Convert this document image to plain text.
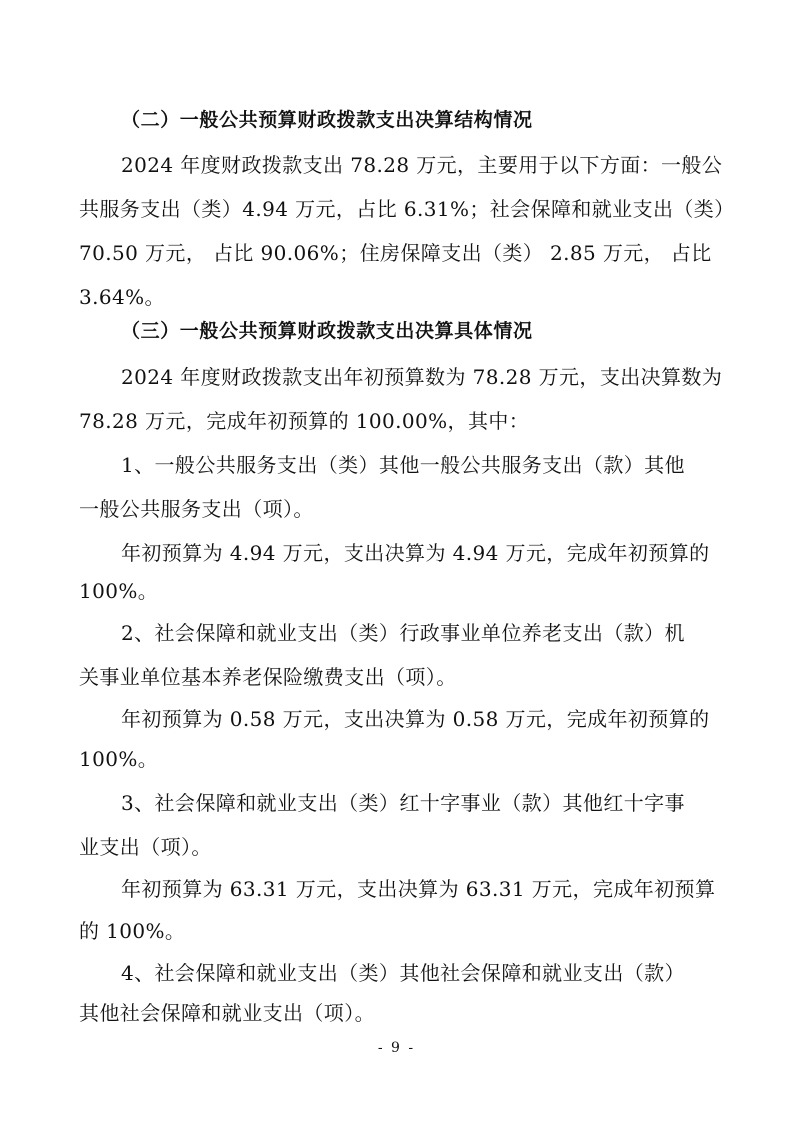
（二）一般公共预算财政拨款支出决算结构情况
2024 年度财政拨款支出 78.28 万元，主要用于以下方面：一般公
共服务支出（类）4.94 万元，占比 6.31%；社会保障和就业支出（类）
70.50 万元， 占比 90.06%；住房保障支出（类） 2.85 万元， 占比
3.64%。
（三）一般公共预算财政拨款支出决算具体情况
2024 年度财政拨款支出年初预算数为 78.28 万元，支出决算数为
78.28 万元，完成年初预算的 100.00%，其中：
1、一般公共服务支出（类）其他一般公共服务支出（款）其他
一般公共服务支出（项）。
年初预算为 4.94 万元，支出决算为 4.94 万元，完成年初预算的
100%。
2、社会保障和就业支出（类）行政事业单位养老支出（款）机
关事业单位基本养老保险缴费支出（项）。
年初预算为 0.58 万元，支出决算为 0.58 万元，完成年初预算的
100%。
3、社会保障和就业支出（类）红十字事业（款）其他红十字事
业支出（项）。
年初预算为 63.31 万元，支出决算为 63.31 万元，完成年初预算
的 100%。
4、社会保障和就业支出（类）其他社会保障和就业支出（款）
其他社会保障和就业支出（项）。
- 9 -
